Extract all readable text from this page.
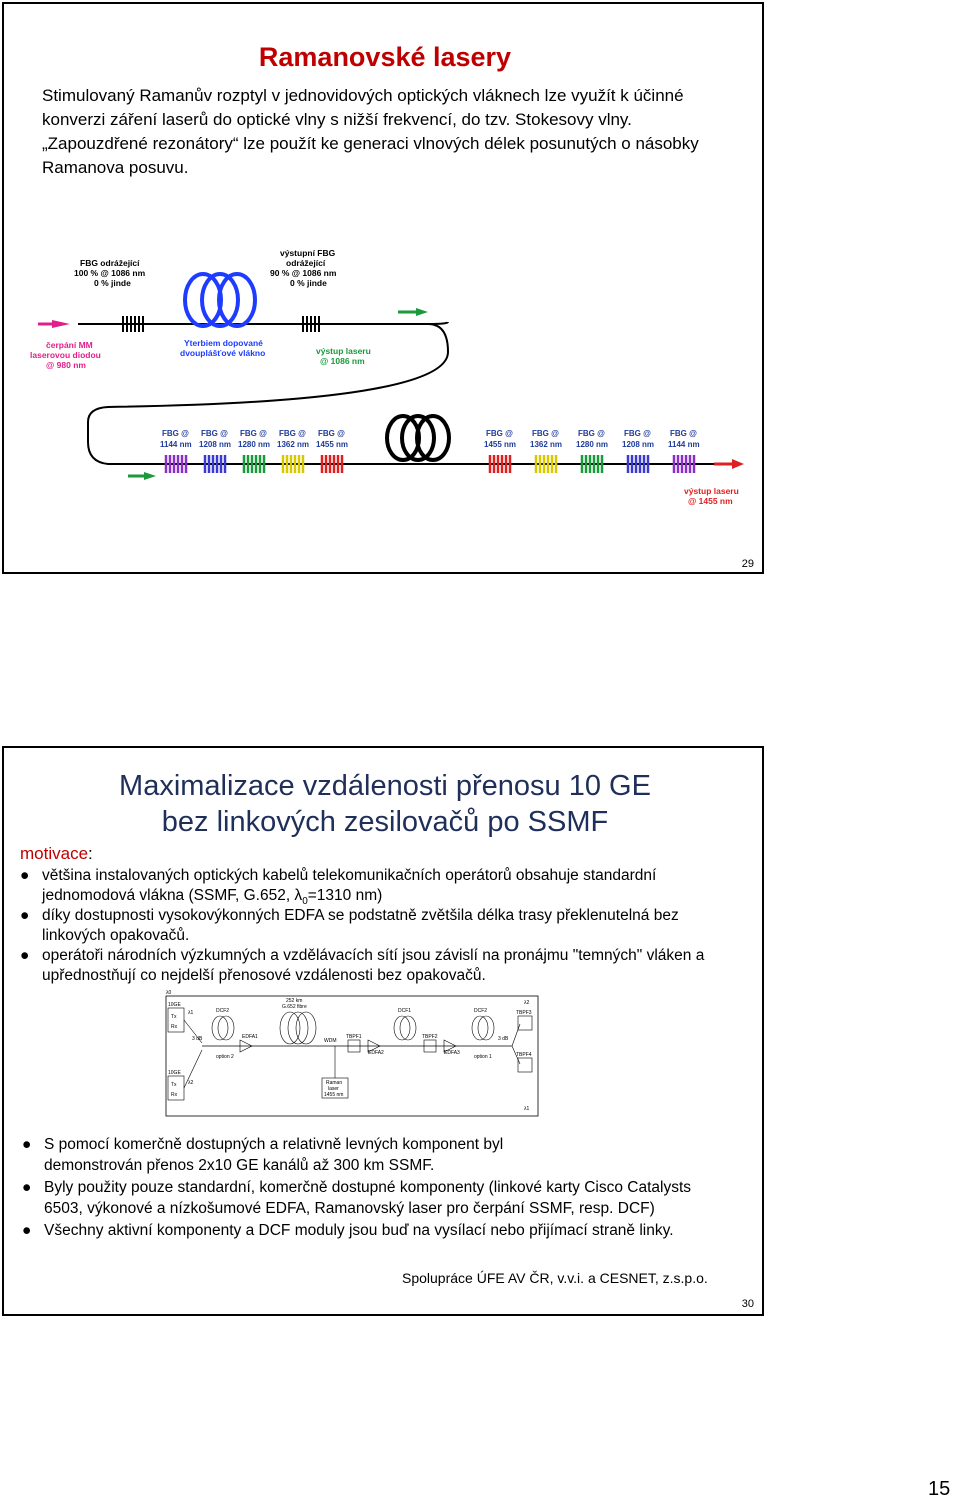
Ramanovské lasery
Stimulovaný Ramanův rozptyl v jednovidových optických vláknech lze využít k účinné konverzi záření laserů do optické vlny s nižší frekvencí, do tzv. Stokesovy vlny. „Zapouzdřené rezonátory“ lze použít ke generaci vlnových délek posunutých o násobky Ramanova posuvu.
FBG odrážející 100 % @ 1086 nm 0 % jinde
výstupní FBG odrážející 90 % @ 1086 nm 0 % jinde
čerpání MM laserovou diodou @ 980 nm
Yterbiem dopované dvouplášťové vlákno	výstup laseru @ 1086 nm
výstup laseru @ 1455 nm
FBG @
1144 nm
FBG @
1208 nm
FBG @
1280 nm
FBG @
1362 nm
FBG @
1455 nm
FBG @
1455 nm
FBG @
1362 nm
FBG @
1280 nm
FBG @
1208 nm
FBG @
1144 nm
29
Maximalizace vzdálenosti přenosu 10 GE
bez linkových zesilovačů po SSMF
motivace:
● většina instalovaných optických kabelů telekomunikačních operátorů obsahuje standardní
jednomodová vlákna (SSMF, G.652, $\lambda_0=1310$ nm)
● díky dostupnosti vysokovýkonných EDFA se podstatně zvětšila délka trasy překlenutelná bez
linkových opakovačů.
● operátoři národních výzkumných a vzdělávacích sítí jsou závislí na pronájmu "temných" vláken a
upřednostňují co nejdelší přenosové vzdálenosti bez opakovačů.
λ0
10GE
Tx
Rx
λ1
10GE
Tx
Rx
λ2
3 dB
DCF2
option 2
EDFA1
252 km
G.652 fibre
WDM
Raman
laser
1455 nm
TBPF1
EDFA2
DCF1
TBPF2
EDFA3
DCF2
option 1
3 dB
TBPF3
TBPF4
λ2
λ1
● S pomocí komerčně dostupných a relativně levných komponent byl
demonstrován přenos 2x10 GE kanálů až 300 km SSMF.
● Byly použity pouze standardní, komerčně dostupné komponenty (linkové karty Cisco Catalysts
6503, výkonové a nízkošumové EDFA, Ramanovský laser pro čerpání SSMF, resp. DCF)
● Všechny aktivní komponenty a DCF moduly jsou buď na vysílací nebo přijímací straně linky.
Spolupráce ÚFE AV ČR, v.v.i. a CESNET, z.s.p.o.
30
15
